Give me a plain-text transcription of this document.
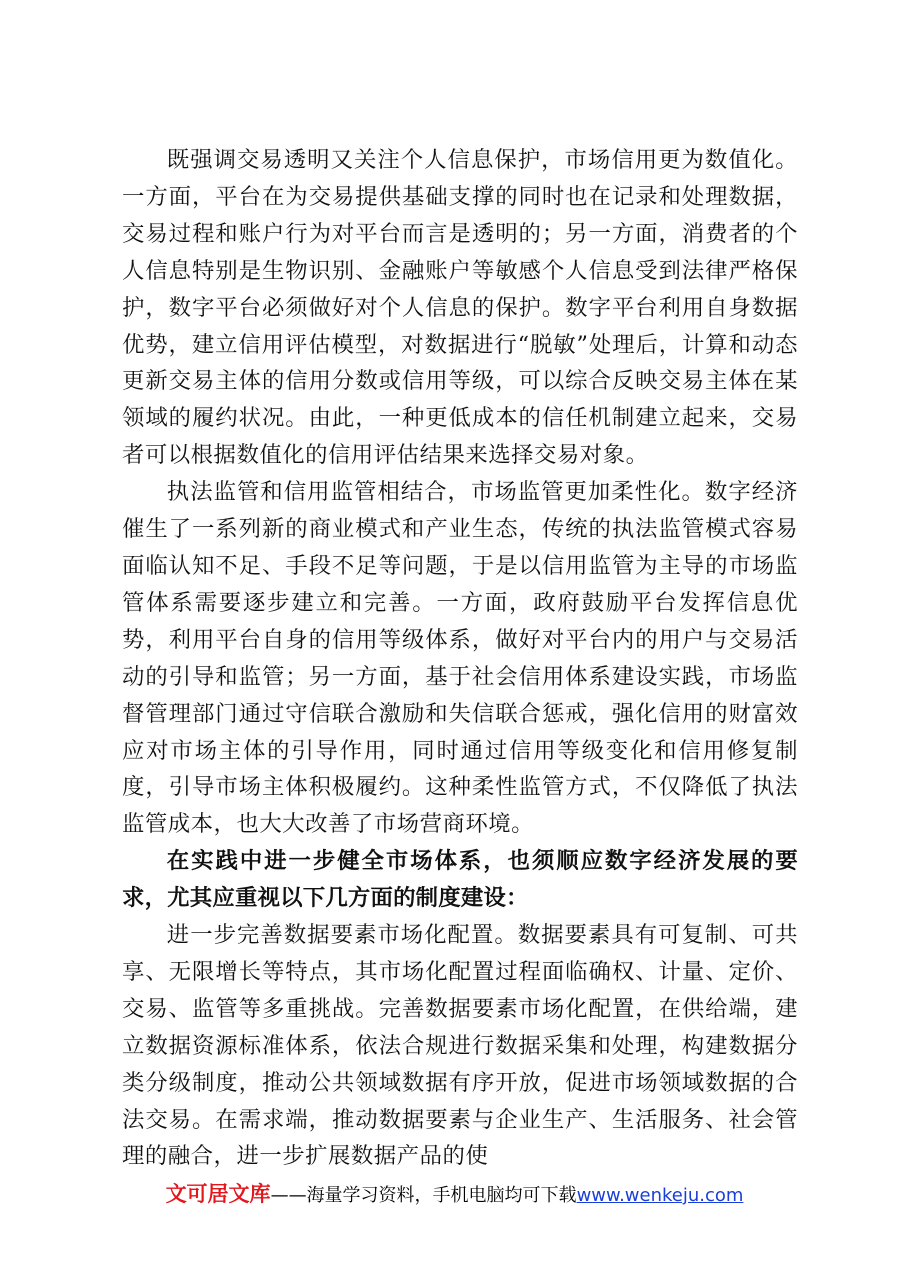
既强调交易透明又关注个人信息保护，市场信用更为数值化。一方面，平台在为交易提供基础支撑的同时也在记录和处理数据，交易过程和账户行为对平台而言是透明的；另一方面，消费者的个人信息特别是生物识别、金融账户等敏感个人信息受到法律严格保护，数字平台必须做好对个人信息的保护。数字平台利用自身数据优势，建立信用评估模型，对数据进行“脱敏”处理后，计算和动态更新交易主体的信用分数或信用等级，可以综合反映交易主体在某领域的履约状况。由此，一种更低成本的信任机制建立起来，交易者可以根据数值化的信用评估结果来选择交易对象。

执法监管和信用监管相结合，市场监管更加柔性化。数字经济催生了一系列新的商业模式和产业生态，传统的执法监管模式容易面临认知不足、手段不足等问题，于是以信用监管为主导的市场监管体系需要逐步建立和完善。一方面，政府鼓励平台发挥信息优势，利用平台自身的信用等级体系，做好对平台内的用户与交易活动的引导和监管；另一方面，基于社会信用体系建设实践，市场监督管理部门通过守信联合激励和失信联合惩戒，强化信用的财富效应对市场主体的引导作用，同时通过信用等级变化和信用修复制度，引导市场主体积极履约。这种柔性监管方式，不仅降低了执法监管成本，也大大改善了市场营商环境。

在实践中进一步健全市场体系，也须顺应数字经济发展的要求，尤其应重视以下几方面的制度建设：

进一步完善数据要素市场化配置。数据要素具有可复制、可共享、无限增长等特点，其市场化配置过程面临确权、计量、定价、交易、监管等多重挑战。完善数据要素市场化配置，在供给端，建立数据资源标准体系，依法合规进行数据采集和处理，构建数据分类分级制度，推动公共领域数据有序开放，促进市场领域数据的合法交易。在需求端，推动数据要素与企业生产、生活服务、社会管理的融合，进一步扩展数据产品的使

文可居文库——海量学习资料，手机电脑均可下载www.wenkeju.com
